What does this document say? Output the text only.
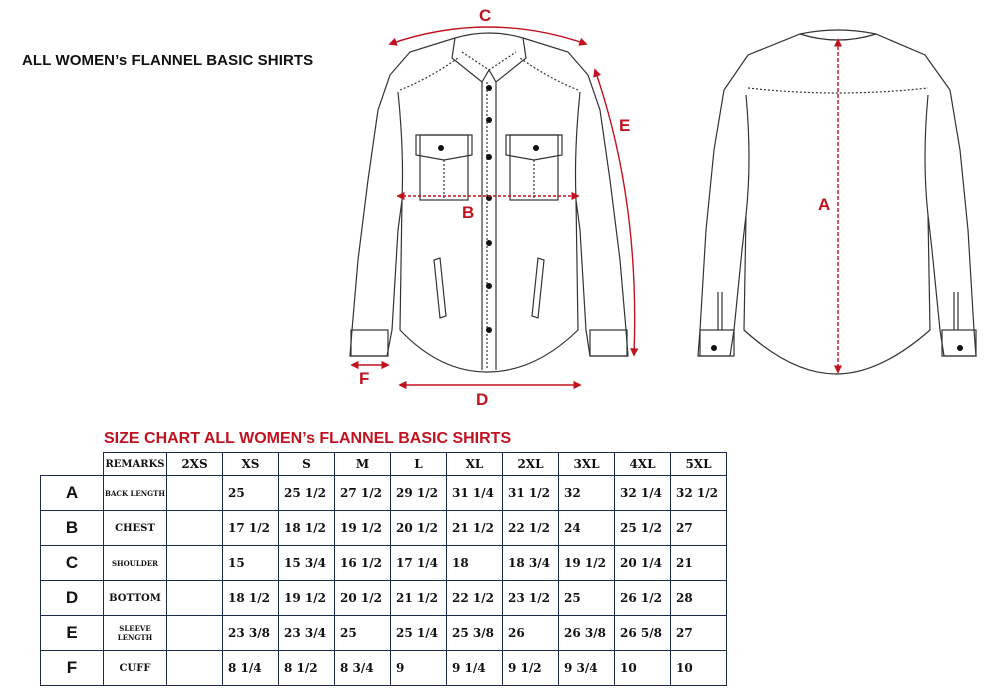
ALL WOMEN’s FLANNEL BASIC SHIRTS
C
E
B
D
F
A
SIZE CHART ALL WOMEN’s FLANNEL BASIC SHIRTS
	REMARKS	2XS	XS	S	M	L	XL	2XL	3XL	4XL	5XL
A	BACK LENGTH		25	25 1/2	27 1/2	29 1/2	31 1/4	31 1/2	32	32 1/4	32 1/2
B	CHEST		17 1/2	18 1/2	19 1/2	20 1/2	21 1/2	22 1/2	24	25 1/2	27
C	SHOULDER		15	15 3/4	16 1/2	17 1/4	18	18 3/4	19 1/2	20 1/4	21
D	BOTTOM		18 1/2	19 1/2	20 1/2	21 1/2	22 1/2	23 1/2	25	26 1/2	28
E	SLEEVE LENGTH		23 3/8	23 3/4	25	25 1/4	25 3/8	26	26 3/8	26 5/8	27
F	CUFF		8 1/4	8 1/2	8 3/4	9	9 1/4	9 1/2	9 3/4	10	10
